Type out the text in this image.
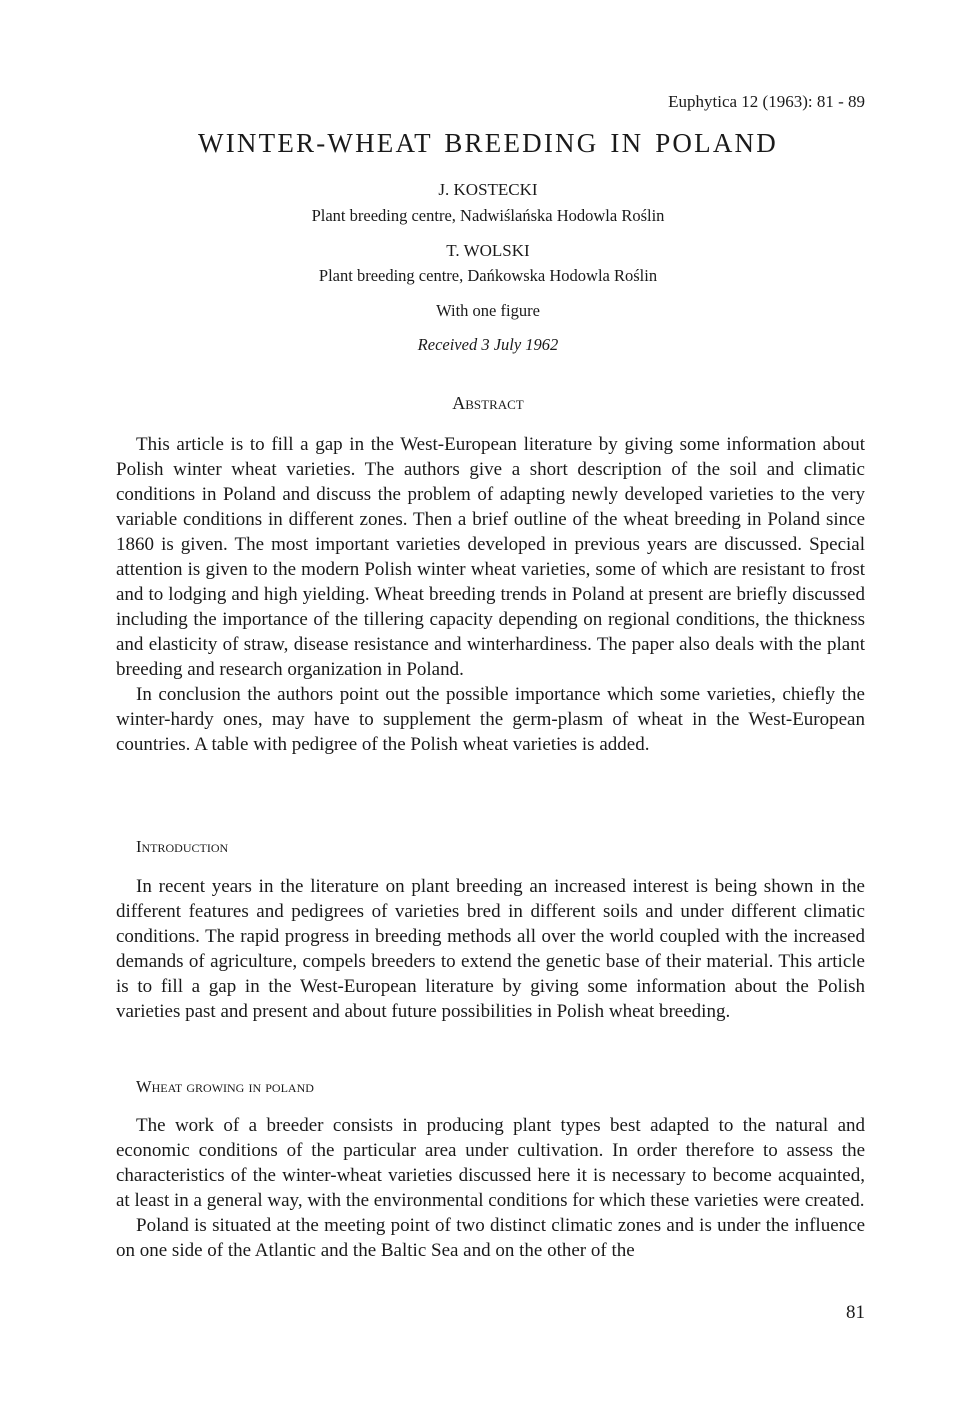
Euphytica 12 (1963): 81 - 89
WINTER-WHEAT BREEDING IN POLAND
J. KOSTECKI
Plant breeding centre, Nadwiślańska Hodowla Roślin
T. WOLSKI
Plant breeding centre, Dańkowska Hodowla Roślin
With one figure
Received 3 July 1962
Abstract

This article is to fill a gap in the West-European literature by giving some information about Polish winter wheat varieties. The authors give a short description of the soil and climatic conditions in Poland and discuss the problem of adapting newly developed varieties to the very variable conditions in different zones. Then a brief outline of the wheat breeding in Poland since 1860 is given. The most important varieties developed in previous years are discussed. Special attention is given to the modern Polish winter wheat varieties, some of which are resistant to frost and to lodging and high yielding. Wheat breeding trends in Poland at present are briefly discussed including the importance of the tillering capacity depending on regional conditions, the thickness and elasticity of straw, disease resistance and winterhardiness. The paper also deals with the plant breeding and research organization in Poland.

In conclusion the authors point out the possible importance which some varieties, chiefly the winter-hardy ones, may have to supplement the germ-plasm of wheat in the West-European countries. A table with pedigree of the Polish wheat varieties is added.

Introduction

In recent years in the literature on plant breeding an increased interest is being shown in the different features and pedigrees of varieties bred in different soils and under different climatic conditions. The rapid progress in breeding methods all over the world coupled with the increased demands of agriculture, compels breeders to extend the genetic base of their material. This article is to fill a gap in the West-European literature by giving some information about the Polish varieties past and present and about future possibilities in Polish wheat breeding.

Wheat growing in poland

The work of a breeder consists in producing plant types best adapted to the natural and economic conditions of the particular area under cultivation. In order therefore to assess the characteristics of the winter-wheat varieties discussed here it is necessary to become acquainted, at least in a general way, with the environmental conditions for which these varieties were created.

Poland is situated at the meeting point of two distinct climatic zones and is under the influence on one side of the Atlantic and the Baltic Sea and on the other of the

81
